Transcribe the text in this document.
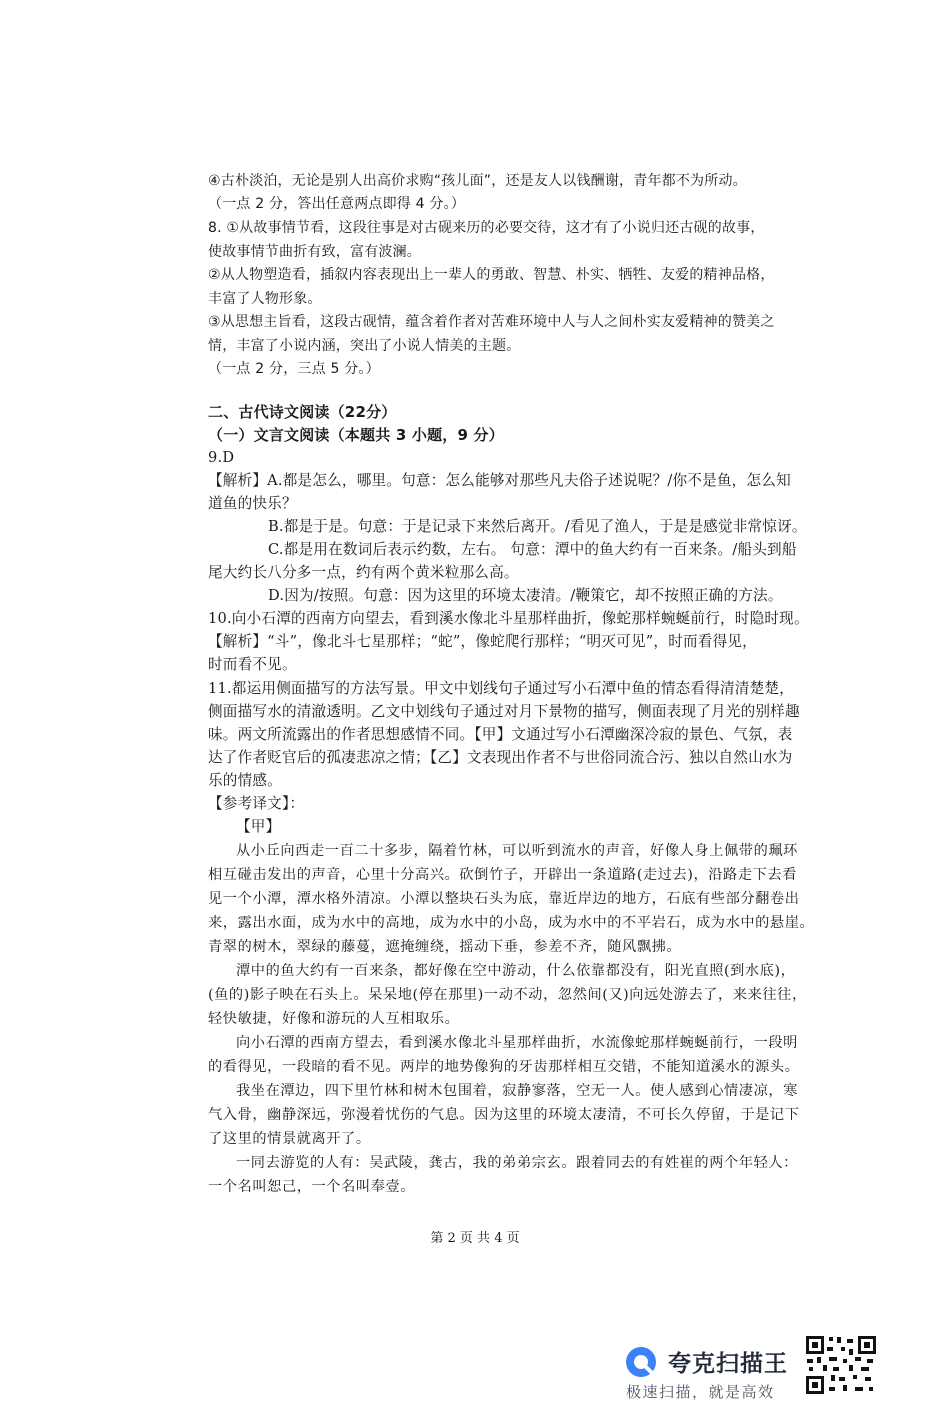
④古朴淡泊，无论是别人出高价求购“孩儿面”，还是友人以钱酬谢，青年都不为所动。
（一点 2 分，答出任意两点即得 4 分。）
8. ①从故事情节看，这段往事是对古砚来历的必要交待，这才有了小说归还古砚的故事，
使故事情节曲折有致，富有波澜。
②从人物塑造看，插叙内容表现出上一辈人的勇敢、智慧、朴实、牺牲、友爱的精神品格，
丰富了人物形象。
③从思想主旨看，这段古砚情，蕴含着作者对苦难环境中人与人之间朴实友爱精神的赞美之
情，丰富了小说内涵，突出了小说人情美的主题。
（一点 2 分，三点 5 分。）
二、古代诗文阅读（22分）
（一）文言文阅读（本题共 3 小题，9 分）
9.D
【解析】A.都是怎么，哪里。句意：怎么能够对那些凡夫俗子述说呢？/你不是鱼，怎么知
道鱼的快乐？
B.都是于是。句意：于是记录下来然后离开。/看见了渔人，于是是感觉非常惊讶。
C.都是用在数词后表示约数，左右。 句意：潭中的鱼大约有一百来条。/船头到船
尾大约长八分多一点，约有两个黄米粒那么高。
D.因为/按照。句意：因为这里的环境太凄清。/鞭策它，却不按照正确的方法。
10.向小石潭的西南方向望去，看到溪水像北斗星那样曲折，像蛇那样蜿蜒前行，时隐时现。
【解析】“斗”，像北斗七星那样；“蛇”，像蛇爬行那样；“明灭可见”，时而看得见，
时而看不见。
11.都运用侧面描写的方法写景。甲文中划线句子通过写小石潭中鱼的情态看得清清楚楚，
侧面描写水的清澈透明。乙文中划线句子通过对月下景物的描写，侧面表现了月光的别样趣
味。两文所流露出的作者思想感情不同。【甲】文通过写小石潭幽深冷寂的景色、气氛，表
达了作者贬官后的孤凄悲凉之情；【乙】文表现出作者不与世俗同流合污、独以自然山水为
乐的情感。
【参考译文】：
【甲】
从小丘向西走一百二十多步，隔着竹林，可以听到流水的声音，好像人身上佩带的珮环
相互碰击发出的声音，心里十分高兴。砍倒竹子，开辟出一条道路(走过去)，沿路走下去看
见一个小潭，潭水格外清凉。小潭以整块石头为底，靠近岸边的地方，石底有些部分翻卷出
来，露出水面，成为水中的高地，成为水中的小岛，成为水中的不平岩石，成为水中的悬崖。
青翠的树木，翠绿的藤蔓，遮掩缠绕，摇动下垂，参差不齐，随风飘拂。
潭中的鱼大约有一百来条，都好像在空中游动，什么依靠都没有，阳光直照(到水底)，
(鱼的)影子映在石头上。呆呆地(停在那里)一动不动，忽然间(又)向远处游去了，来来往往，
轻快敏捷，好像和游玩的人互相取乐。
向小石潭的西南方望去，看到溪水像北斗星那样曲折，水流像蛇那样蜿蜒前行，一段明
的看得见，一段暗的看不见。两岸的地势像狗的牙齿那样相互交错，不能知道溪水的源头。
我坐在潭边，四下里竹林和树木包围着，寂静寥落，空无一人。使人感到心情凄凉，寒
气入骨，幽静深远，弥漫着忧伤的气息。因为这里的环境太凄清，不可长久停留，于是记下
了这里的情景就离开了。
一同去游览的人有：吴武陵，龚古，我的弟弟宗玄。跟着同去的有姓崔的两个年轻人：
一个名叫恕己，一个名叫奉壹。
第 2 页 共 4 页
夸克扫描王
极速扫描，就是高效
